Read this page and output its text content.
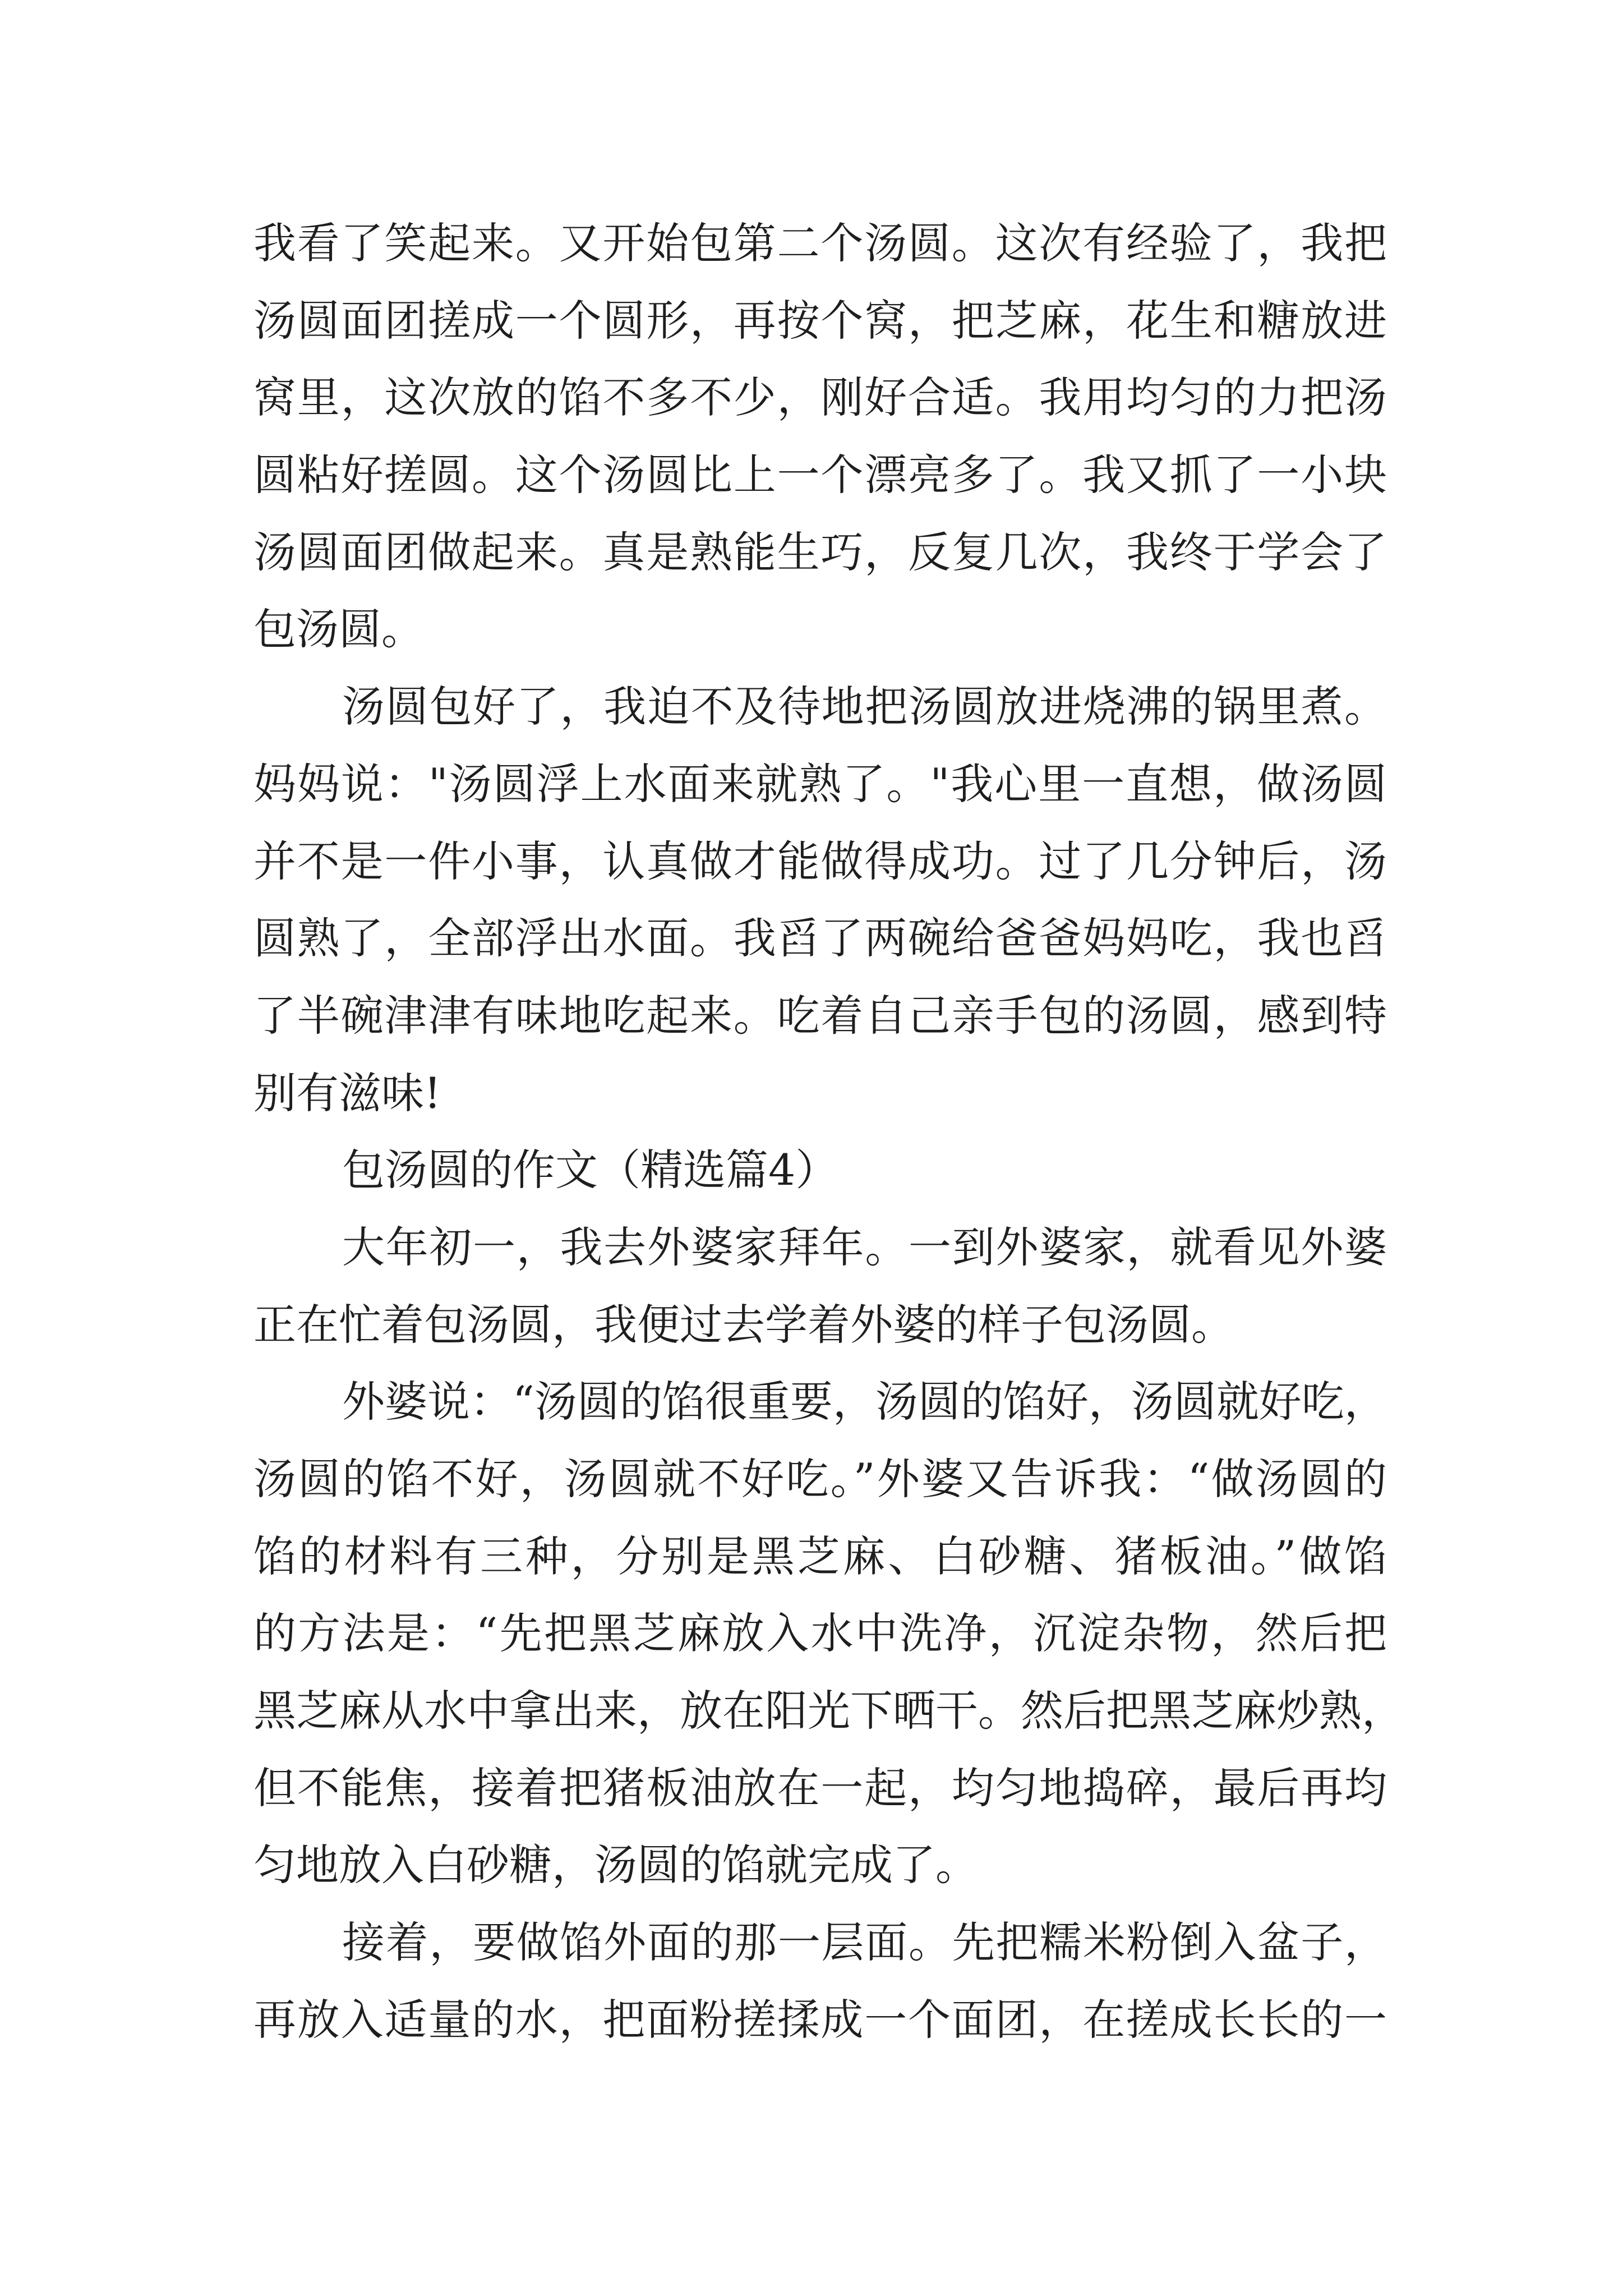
我看了笑起来。又开始包第二个汤圆。这次有经验了，我把
汤圆面团搓成一个圆形，再按个窝，把芝麻，花生和糖放进
窝里，这次放的馅不多不少，刚好合适。我用均匀的力把汤
圆粘好搓圆。这个汤圆比上一个漂亮多了。我又抓了一小块
汤圆面团做起来。真是熟能生巧，反复几次，我终于学会了
包汤圆。
汤圆包好了，我迫不及待地把汤圆放进烧沸的锅里煮。
妈妈说："汤圆浮上水面来就熟了。"我心里一直想，做汤圆
并不是一件小事，认真做才能做得成功。过了几分钟后，汤
圆熟了，全部浮出水面。我舀了两碗给爸爸妈妈吃，我也舀
了半碗津津有味地吃起来。吃着自己亲手包的汤圆，感到特
别有滋味!
包汤圆的作文（精选篇4）
大年初一，我去外婆家拜年。一到外婆家，就看见外婆
正在忙着包汤圆，我便过去学着外婆的样子包汤圆。
外婆说：“汤圆的馅很重要，汤圆的馅好，汤圆就好吃，
汤圆的馅不好，汤圆就不好吃。”外婆又告诉我：“做汤圆的
馅的材料有三种，分别是黑芝麻、白砂糖、猪板油。”做馅
的方法是：“先把黑芝麻放入水中洗净，沉淀杂物，然后把
黑芝麻从水中拿出来，放在阳光下晒干。然后把黑芝麻炒熟，
但不能焦，接着把猪板油放在一起，均匀地捣碎，最后再均
匀地放入白砂糖，汤圆的馅就完成了。
接着，要做馅外面的那一层面。先把糯米粉倒入盆子，
再放入适量的水，把面粉搓揉成一个面团，在搓成长长的一
